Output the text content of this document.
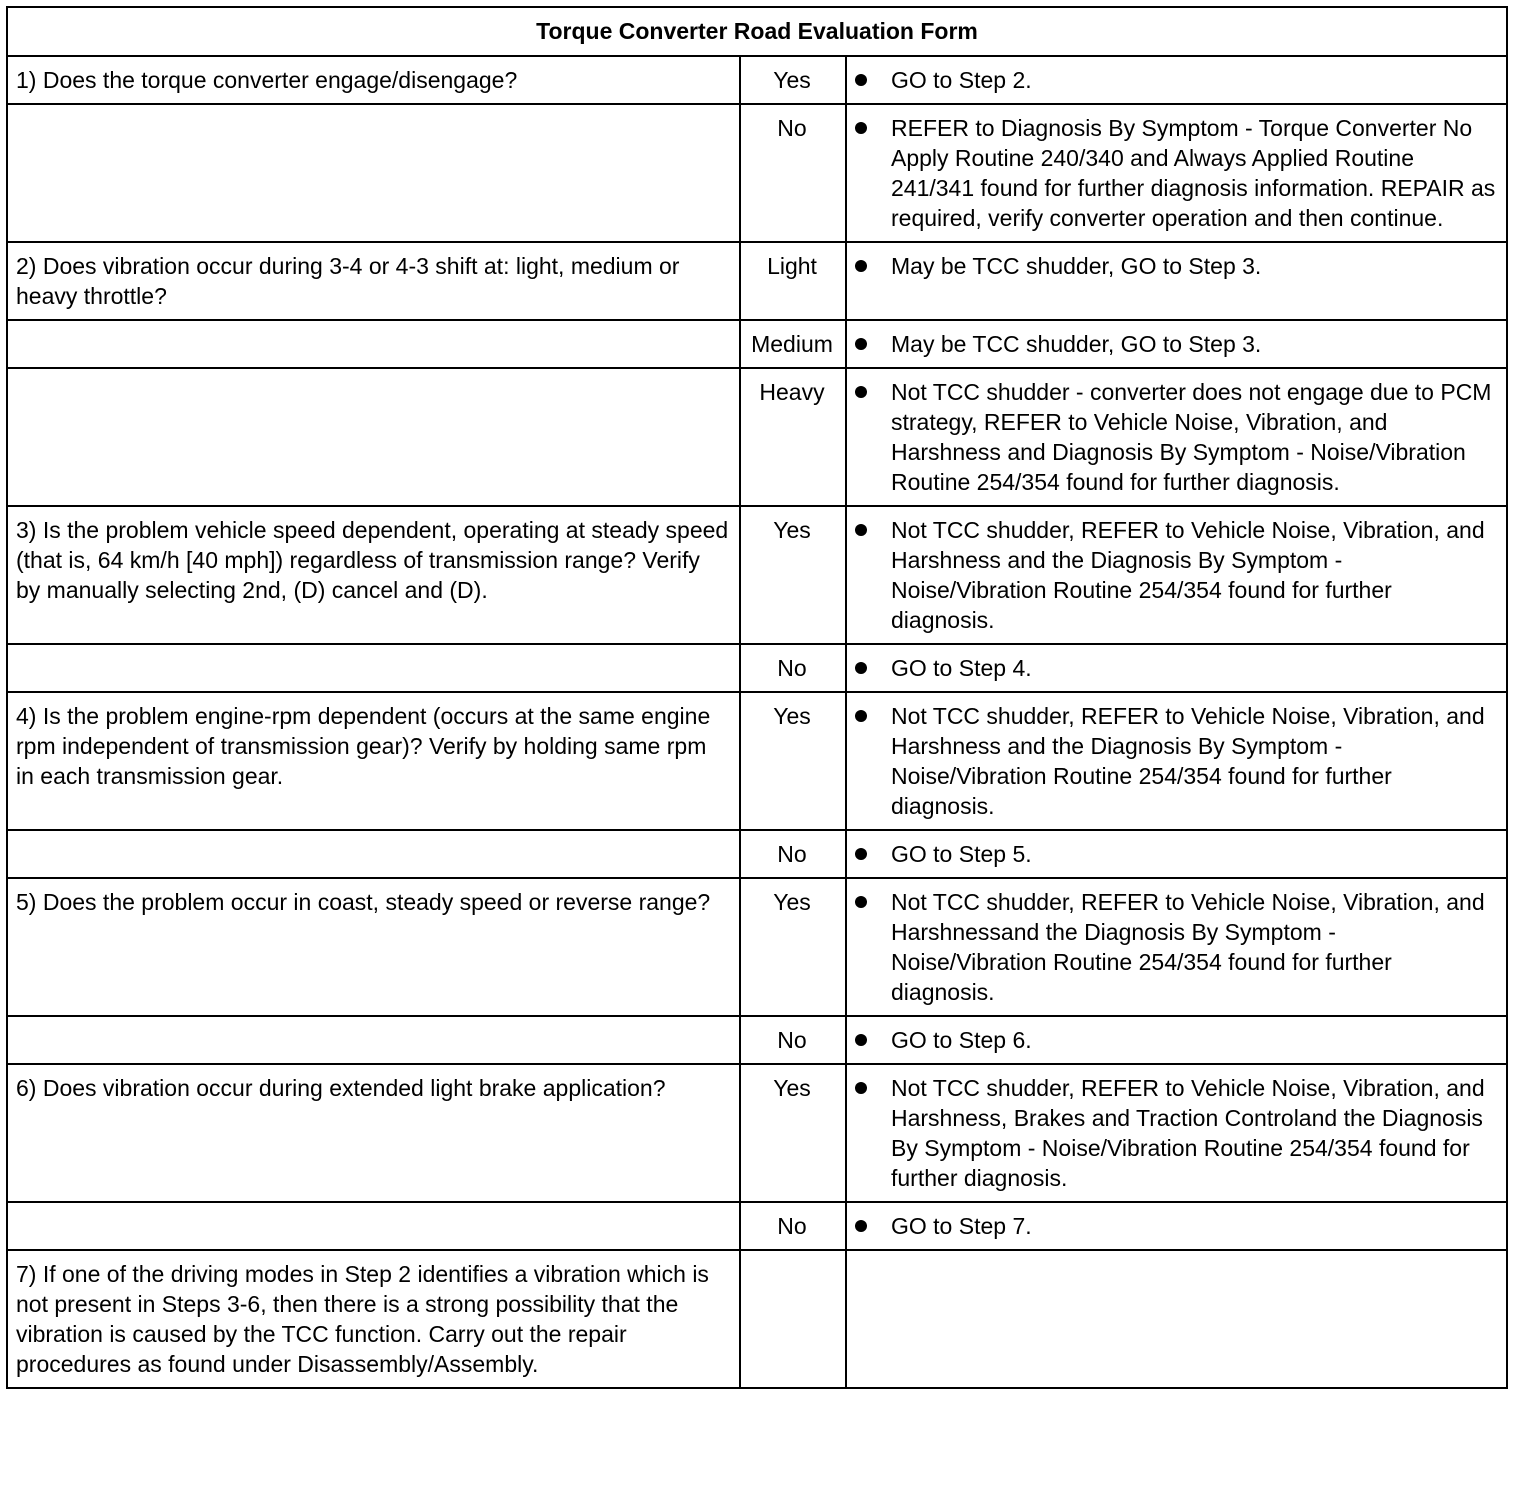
Torque Converter Road Evaluation Form		

1) Does the torque converter engage/disengage?	Yes	GO to Step 2.

	No	REFER to Diagnosis By Symptom - Torque Converter No Apply Routine 240/340 and Always Applied Routine 241/341 found for further diagnosis information. REPAIR as required, verify converter operation and then continue.

2) Does vibration occur during 3-4 or 4-3 shift at: light, medium or heavy throttle?	Light	May be TCC shudder, GO to Step 3.

	Medium	May be TCC shudder, GO to Step 3.

	Heavy	Not TCC shudder - converter does not engage due to PCM strategy, REFER to Vehicle Noise, Vibration, and Harshness and Diagnosis By Symptom - Noise/Vibration Routine 254/354 found for further diagnosis.

3) Is the problem vehicle speed dependent, operating at steady speed (that is, 64 km/h [40 mph]) regardless of transmission range? Verify by manually selecting 2nd, (D) cancel and (D).	Yes	Not TCC shudder, REFER to Vehicle Noise, Vibration, and Harshness and the Diagnosis By Symptom - Noise/Vibration Routine 254/354 found for further diagnosis.

	No	GO to Step 4.

4) Is the problem engine-rpm dependent (occurs at the same engine rpm independent of transmission gear)? Verify by holding same rpm in each transmission gear.	Yes	Not TCC shudder, REFER to Vehicle Noise, Vibration, and Harshness and the Diagnosis By Symptom - Noise/Vibration Routine 254/354 found for further diagnosis.

	No	GO to Step 5.

5) Does the problem occur in coast, steady speed or reverse range?	Yes	Not TCC shudder, REFER to Vehicle Noise, Vibration, and Harshnessand the Diagnosis By Symptom - Noise/Vibration Routine 254/354 found for further diagnosis.

	No	GO to Step 6.

6) Does vibration occur during extended light brake application?	Yes	Not TCC shudder, REFER to Vehicle Noise, Vibration, and Harshness, Brakes and Traction Controland the Diagnosis By Symptom - Noise/Vibration Routine 254/354 found for further diagnosis.

	No	GO to Step 7.

7) If one of the driving modes in Step 2 identifies a vibration which is not present in Steps 3-6, then there is a strong possibility that the vibration is caused by the TCC function. Carry out the repair procedures as found under Disassembly/Assembly.		
